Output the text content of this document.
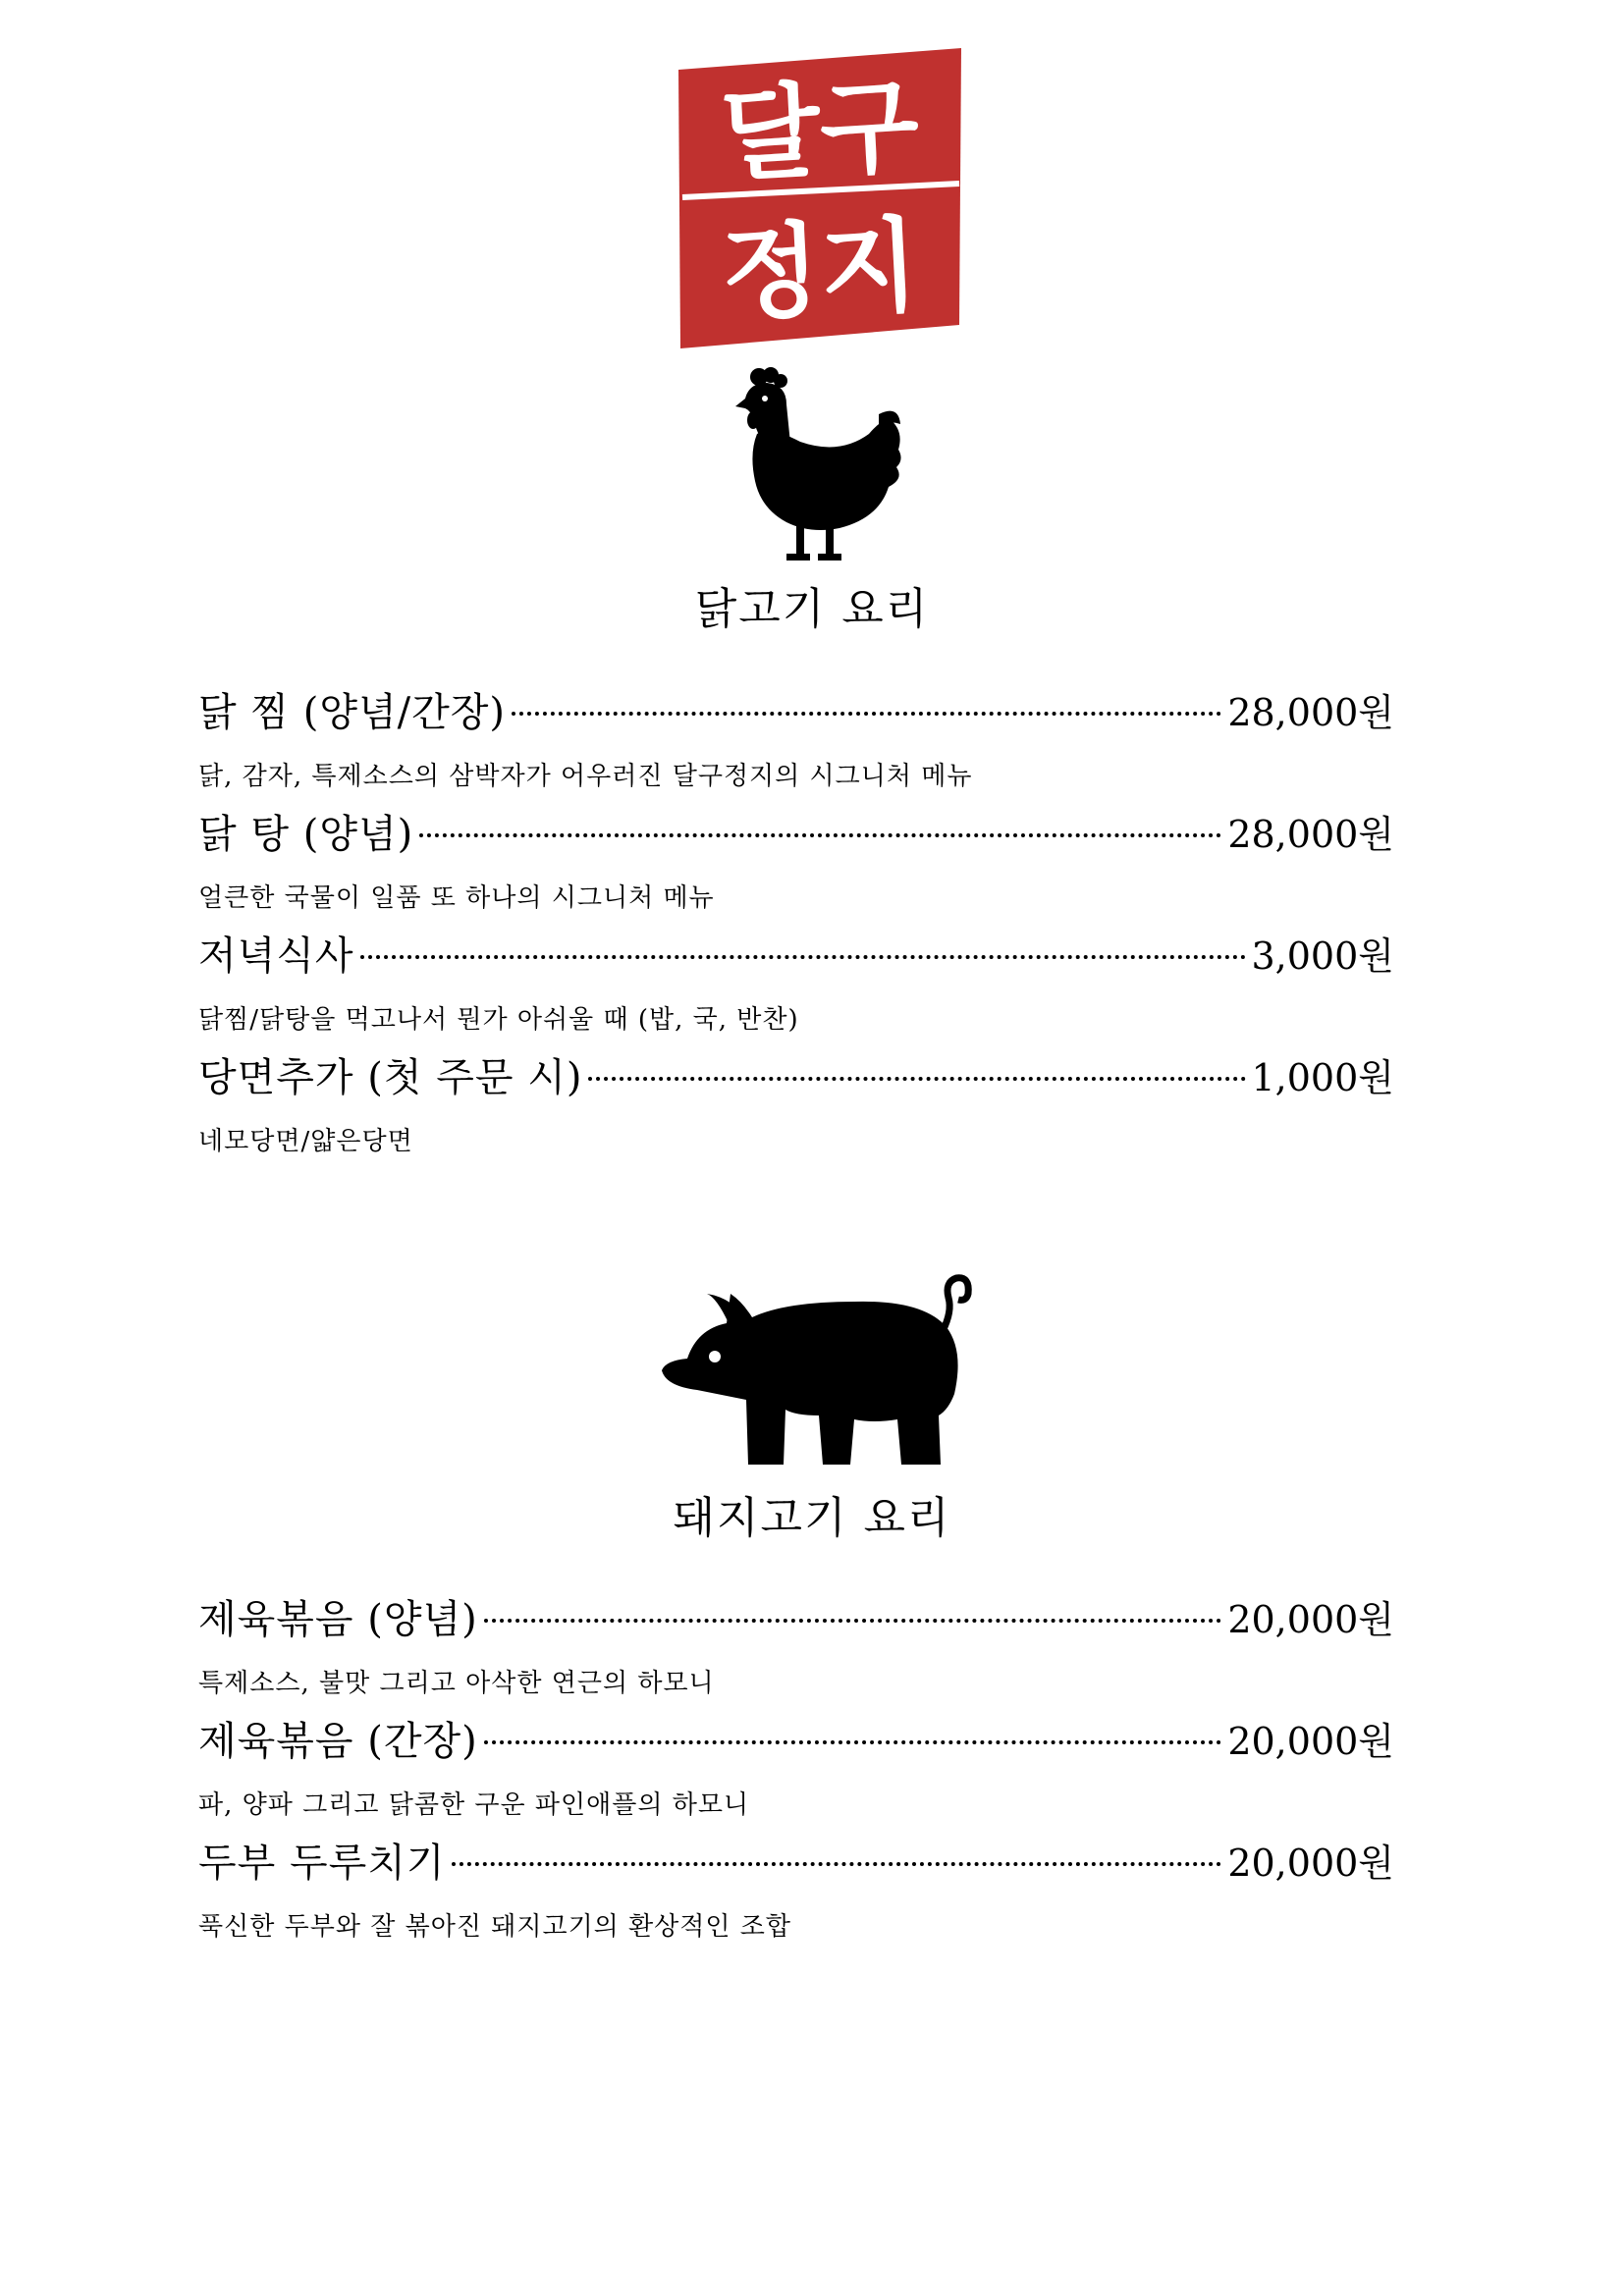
달구
정지
닭고기 요리
닭 찜 (양념/간장)	28,000원
닭, 감자, 특제소스의 삼박자가 어우러진 달구정지의 시그니처 메뉴
닭 탕 (양념)	28,000원
얼큰한 국물이 일품 또 하나의 시그니처 메뉴
저녁식사	3,000원
닭찜/닭탕을 먹고나서 뭔가 아쉬울 때 (밥, 국, 반찬)
당면추가 (첫 주문 시)	1,000원
네모당면/얇은당면
돼지고기 요리
제육볶음 (양념)	20,000원
특제소스, 불맛 그리고 아삭한 연근의 하모니
제육볶음 (간장)	20,000원
파, 양파 그리고 닭콤한 구운 파인애플의 하모니
두부 두루치기	20,000원
푹신한 두부와 잘 볶아진 돼지고기의 환상적인 조합
